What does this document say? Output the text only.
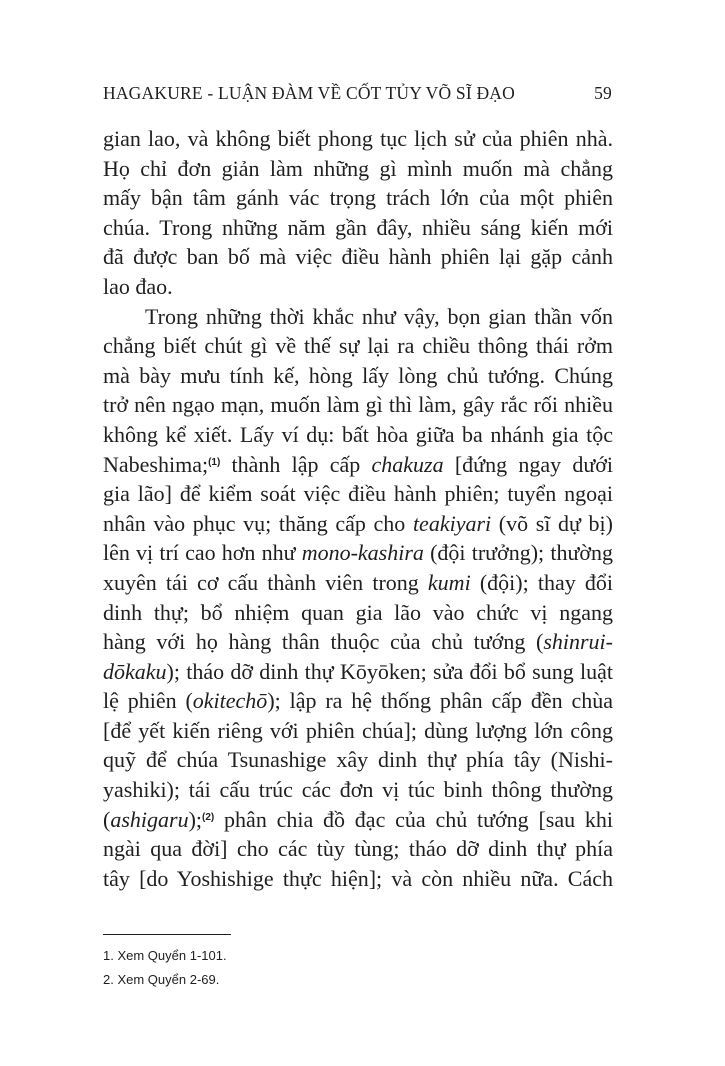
HAGAKURE - LUẬN ĐÀM VỀ CỐT TỦY VÕ SĨ ĐẠO	59
gian lao, và không biết phong tục lịch sử của phiên nhà.
Họ chỉ đơn giản làm những gì mình muốn mà chẳng
mấy bận tâm gánh vác trọng trách lớn của một phiên
chúa. Trong những năm gần đây, nhiều sáng kiến mới
đã được ban bố mà việc điều hành phiên lại gặp cảnh
lao đao.
Trong những thời khắc như vậy, bọn gian thần vốn
chẳng biết chút gì về thế sự lại ra chiều thông thái rởm
mà bày mưu tính kế, hòng lấy lòng chủ tướng. Chúng
trở nên ngạo mạn, muốn làm gì thì làm, gây rắc rối nhiều
không kể xiết. Lấy ví dụ: bất hòa giữa ba nhánh gia tộc
Nabeshima;$^{(1)}$ thành lập cấp chakuza [đứng ngay dưới
gia lão] để kiểm soát việc điều hành phiên; tuyển ngoại
nhân vào phục vụ; thăng cấp cho teakiyari (võ sĩ dự bị)
lên vị trí cao hơn như mono-kashira (đội trưởng); thường
xuyên tái cơ cấu thành viên trong kumi (đội); thay đổi
dinh thự; bổ nhiệm quan gia lão vào chức vị ngang
hàng với họ hàng thân thuộc của chủ tướng (shinrui-
dōkaku); tháo dỡ dinh thự Kōyōken; sửa đổi bổ sung luật
lệ phiên (okitechō); lập ra hệ thống phân cấp đền chùa
[để yết kiến riêng với phiên chúa]; dùng lượng lớn công
quỹ để chúa Tsunashige xây dinh thự phía tây (Nishi-
yashiki); tái cấu trúc các đơn vị túc binh thông thường
(ashigaru);$^{(2)}$ phân chia đồ đạc của chủ tướng [sau khi
ngài qua đời] cho các tùy tùng; tháo dỡ dinh thự phía
tây [do Yoshishige thực hiện]; và còn nhiều nữa. Cách
1. Xem Quyển 1-101.
2. Xem Quyển 2-69.
